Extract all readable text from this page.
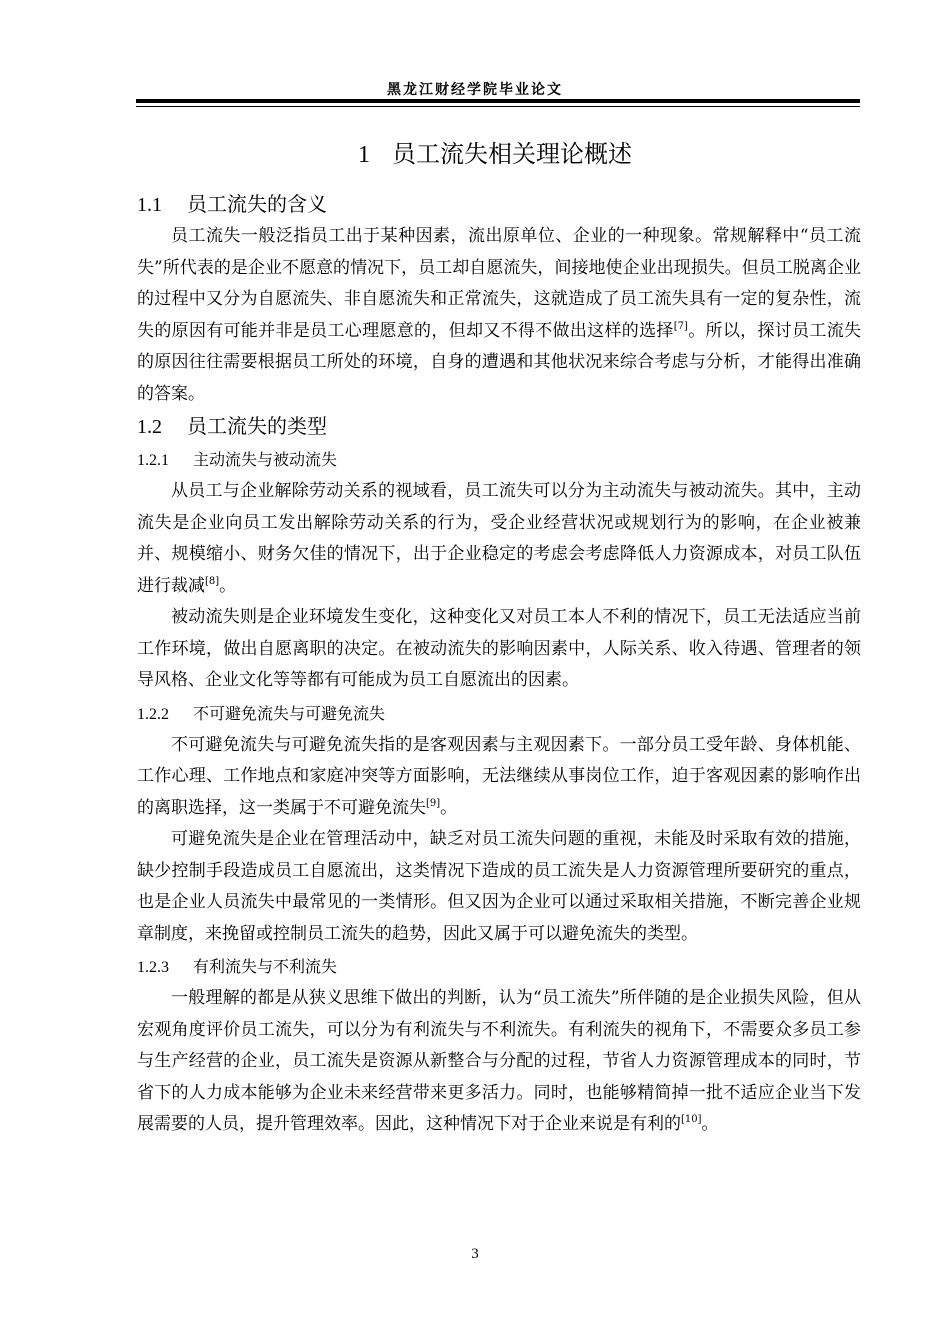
黑龙江财经学院毕业论文
1 员工流失相关理论概述
1.1 员工流失的含义

员工流失一般泛指员工出于某种因素，流出原单位、企业的一种现象。常规解释中“员工流失”所代表的是企业不愿意的情况下，员工却自愿流失，间接地使企业出现损失。但员工脱离企业的过程中又分为自愿流失、非自愿流失和正常流失，这就造成了员工流失具有一定的复杂性，流失的原因有可能并非是员工心理愿意的，但却又不得不做出这样的选择[7]。所以，探讨员工流失的原因往往需要根据员工所处的环境，自身的遭遇和其他状况来综合考虑与分析，才能得出准确的答案。

1.2 员工流失的类型
1.2.1 主动流失与被动流失

从员工与企业解除劳动关系的视域看，员工流失可以分为主动流失与被动流失。其中，主动流失是企业向员工发出解除劳动关系的行为，受企业经营状况或规划行为的影响，在企业被兼并、规模缩小、财务欠佳的情况下，出于企业稳定的考虑会考虑降低人力资源成本，对员工队伍进行裁减[8]。

被动流失则是企业环境发生变化，这种变化又对员工本人不利的情况下，员工无法适应当前工作环境，做出自愿离职的决定。在被动流失的影响因素中，人际关系、收入待遇、管理者的领导风格、企业文化等等都有可能成为员工自愿流出的因素。

1.2.2 不可避免流失与可避免流失

不可避免流失与可避免流失指的是客观因素与主观因素下。一部分员工受年龄、身体机能、工作心理、工作地点和家庭冲突等方面影响，无法继续从事岗位工作，迫于客观因素的影响作出的离职选择，这一类属于不可避免流失[9]。

可避免流失是企业在管理活动中，缺乏对员工流失问题的重视，未能及时采取有效的措施，缺少控制手段造成员工自愿流出，这类情况下造成的员工流失是人力资源管理所要研究的重点，也是企业人员流失中最常见的一类情形。但又因为企业可以通过采取相关措施，不断完善企业规章制度，来挽留或控制员工流失的趋势，因此又属于可以避免流失的类型。

1.2.3 有利流失与不利流失

一般理解的都是从狭义思维下做出的判断，认为“员工流失”所伴随的是企业损失风险，但从宏观角度评价员工流失，可以分为有利流失与不利流失。有利流失的视角下，不需要众多员工参与生产经营的企业，员工流失是资源从新整合与分配的过程，节省人力资源管理成本的同时，节省下的人力成本能够为企业未来经营带来更多活力。同时，也能够精简掉一批不适应企业当下发展需要的人员，提升管理效率。因此，这种情况下对于企业来说是有利的[10]。

3
